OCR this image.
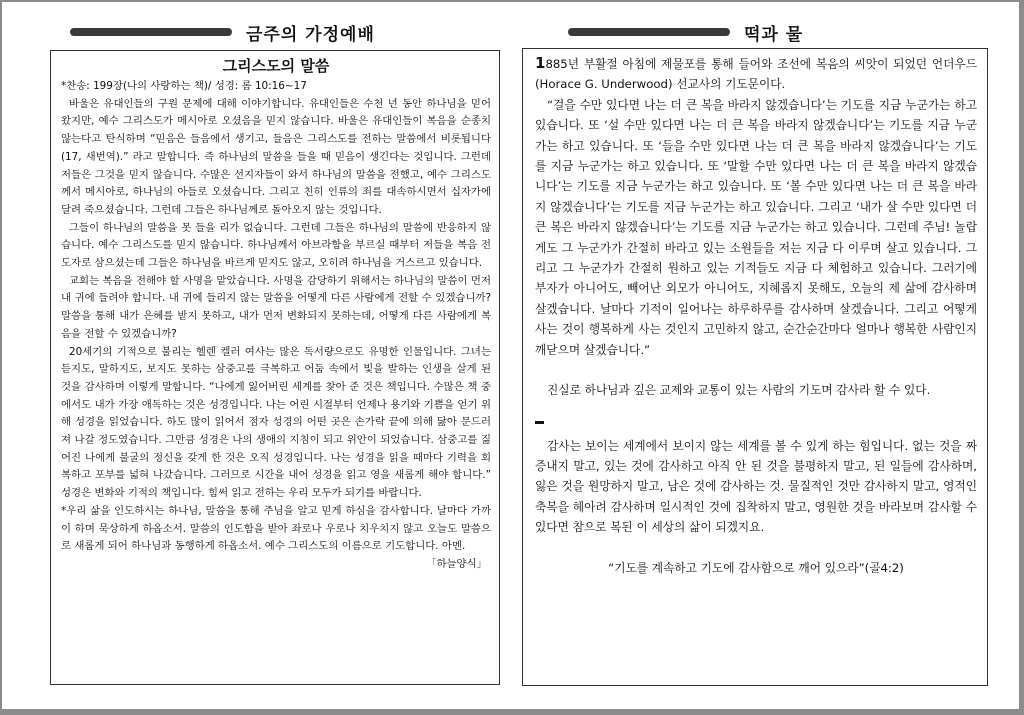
금주의 가정예배	떡과 물
그리스도의 말씀

*찬송: 199장(나의 사랑하는 책)/ 성경: 롬 10:16~17

바울은 유대인들의 구원 문제에 대해 이야기합니다. 유대인들은 수천 년 동안 하나님을 믿어 왔지만, 예수 그리스도가 메시아로 오셨음을 믿지 않습니다. 바울은 유대인들이 복음을 순종치 않는다고 탄식하며 “믿음은 들음에서 생기고, 들음은 그리스도를 전하는 말씀에서 비롯됩니다(17, 새번역).” 라고 말합니다. 즉 하나님의 말씀을 들을 때 믿음이 생긴다는 것입니다. 그런데 저들은 그것을 믿지 않습니다. 수많은 선지자들이 와서 하나님의 말씀을 전했고, 예수 그리스도께서 메시아로, 하나님의 아들로 오셨습니다. 그리고 친히 인류의 죄를 대속하시면서 십자가에 달려 죽으셨습니다. 그런데 그들은 하나님께로 돌아오지 않는 것입니다.

그들이 하나님의 말씀을 못 들을 리가 없습니다. 그런데 그들은 하나님의 말씀에 반응하지 않습니다. 예수 그리스도를 믿지 않습니다. 하나님께서 아브라함을 부르실 때부터 저들을 복음 전도자로 삼으셨는데 그들은 하나님을 바르게 믿지도 않고, 오히려 하나님을 거스르고 있습니다.

교회는 복음을 전해야 할 사명을 맡았습니다. 사명을 감당하기 위해서는 하나님의 말씀이 먼저 내 귀에 들려야 합니다. 내 귀에 들리지 않는 말씀을 어떻게 다른 사람에게 전할 수 있겠습니까? 말씀을 통해 내가 은혜를 받지 못하고, 내가 먼저 변화되지 못하는데, 어떻게 다른 사람에게 복음을 전할 수 있겠습니까?

20세기의 기적으로 불리는 헬렌 켈러 여사는 많은 독서량으로도 유명한 인물입니다. 그녀는 듣지도, 말하지도, 보지도 못하는 삼중고를 극복하고 어둠 속에서 빛을 발하는 인생을 살게 된 것을 감사하며 이렇게 말합니다. “나에게 잃어버린 세계를 찾아 준 것은 책입니다. 수많은 책 중에서도 내가 가장 애독하는 것은 성경입니다. 나는 어린 시절부터 언제나 용기와 기쁨을 얻기 위해 성경을 읽었습니다. 하도 많이 읽어서 점자 성경의 어떤 곳은 손가락 끝에 의해 닳아 문드러져 나갈 정도였습니다. 그만큼 성경은 나의 생애의 지침이 되고 위안이 되었습니다. 삼중고를 짊어진 나에게 불굴의 정신을 갖게 한 것은 오직 성경입니다. 나는 성경을 읽을 때마다 기력을 회복하고 포부를 넓혀 나갔습니다. 그러므로 시간을 내어 성경을 읽고 영을 새롭게 해야 합니다.” 성경은 변화와 기적의 책입니다. 힘써 읽고 전하는 우리 모두가 되기를 바랍니다.

*우리 삶을 인도하시는 하나님, 말씀을 통해 주님을 알고 믿게 하심을 감사합니다. 날마다 가까이 하며 묵상하게 하옵소서. 말씀의 인도함을 받아 좌로나 우로나 치우치지 않고 오늘도 말씀으로 새롭게 되어 하나님과 동행하게 하옵소서. 예수 그리스도의 이름으로 기도합니다. 아멘.
「하늘양식」

1885년 부활절 아침에 제물포를 통해 들어와 조선에 복음의 씨앗이 되었던 언더우드(Horace G. Underwood) 선교사의 기도문이다.

“걸을 수만 있다면 나는 더 큰 복을 바라지 않겠습니다’는 기도를 지금 누군가는 하고 있습니다. 또 ‘설 수만 있다면 나는 더 큰 복을 바라지 않겠습니다’는 기도를 지금 누군가는 하고 있습니다. 또 ‘들을 수만 있다면 나는 더 큰 복을 바라지 않겠습니다’는 기도를 지금 누군가는 하고 있습니다. 또 ‘말할 수만 있다면 나는 더 큰 복을 바라지 않겠습니다’는 기도를 지금 누군가는 하고 있습니다. 또 ‘볼 수만 있다면 나는 더 큰 복을 바라지 않겠습니다’는 기도를 지금 누군가는 하고 있습니다. 그리고 ‘내가 살 수만 있다면 더 큰 복은 바라지 않겠습니다’는 기도를 지금 누군가는 하고 있습니다. 그런데 주님! 놀랍게도 그 누군가가 간절히 바라고 있는 소원들을 저는 지금 다 이루며 살고 있습니다. 그리고 그 누군가가 간절히 원하고 있는 기적들도 지금 다 체험하고 있습니다. 그러기에 부자가 아니어도, 빼어난 외모가 아니어도, 지혜롭지 못해도, 오늘의 제 삶에 감사하며 살겠습니다. 날마다 기적이 일어나는 하루하루를 감사하며 살겠습니다. 그리고 어떻게 사는 것이 행복하게 사는 것인지 고민하지 않고, 순간순간마다 얼마나 행복한 사람인지 깨닫으며 살겠습니다.”

진실로 하나님과 깊은 교제와 교통이 있는 사람의 기도며 감사라 할 수 있다.

감사는 보이는 세계에서 보이지 않는 세계를 볼 수 있게 하는 힘입니다. 없는 것을 짜증내지 말고, 있는 것에 감사하고 아직 안 된 것을 불평하지 말고, 된 일들에 감사하며, 잃은 것을 원망하지 말고, 남은 것에 감사하는 것. 물질적인 것만 감사하지 말고, 영적인 축복을 헤아려 감사하며 일시적인 것에 집착하지 말고, 영원한 것을 바라보며 감사할 수 있다면 참으로 복된 이 세상의 삶이 되겠지요.

“기도를 계속하고 기도에 감사함으로 깨어 있으라”(골4:2)
